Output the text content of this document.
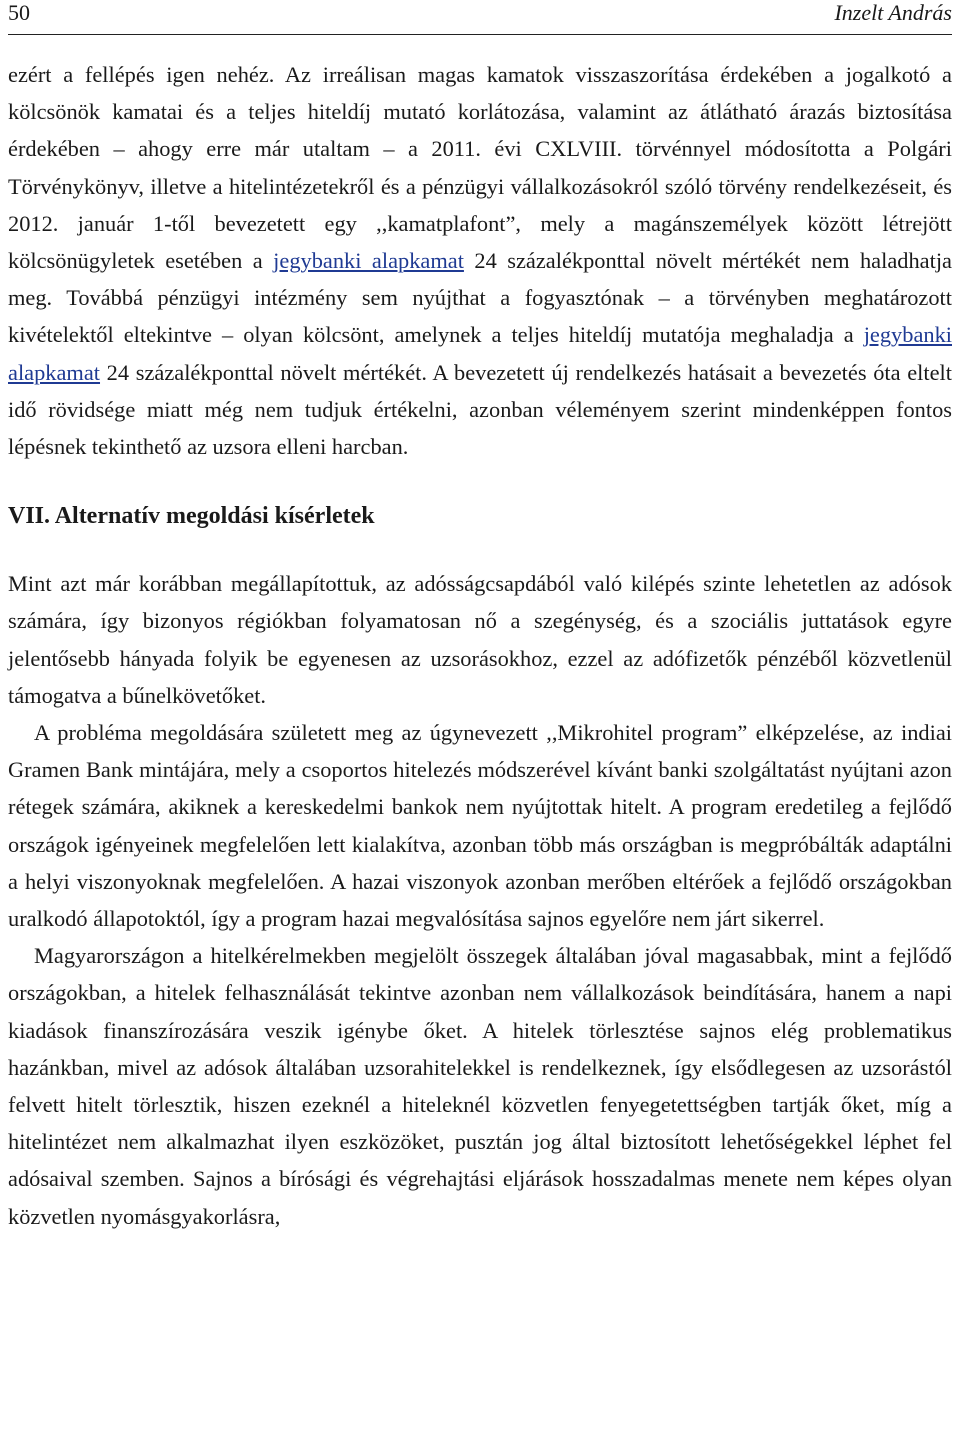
50	Inzelt András

ezért a fellépés igen nehéz. Az irreálisan magas kamatok visszaszorítása érdekében a jogalkotó a kölcsönök kamatai és a teljes hiteldíj mutató korlátozása, valamint az átlátható árazás biztosítása érdekében – ahogy erre már utaltam – a 2011. évi CXLVIII. törvénnyel módosította a Polgári Törvénykönyv, illetve a hitelintézetekről és a pénzügyi vállalkozásokról szóló törvény rendelkezéseit, és 2012. január 1-től bevezetett egy ,,kamatplafont”, mely a magánszemélyek között létrejött kölcsönügyletek esetében a jegybanki alapkamat 24 százalékponttal növelt mértékét nem haladhatja meg. Továbbá pénzügyi intézmény sem nyújthat a fogyasztónak – a törvényben meghatározott kivételektől eltekintve – olyan kölcsönt, amelynek a teljes hiteldíj mutatója meghaladja a jegybanki alapkamat 24 százalékponttal növelt mértékét. A bevezetett új rendelkezés hatásait a bevezetés óta eltelt idő rövidsége miatt még nem tudjuk értékelni, azonban véleményem szerint mindenképpen fontos lépésnek tekinthető az uzsora elleni harcban.

VII. Alternatív megoldási kísérletek

Mint azt már korábban megállapítottuk, az adósságcsapdából való kilépés szinte lehetetlen az adósok számára, így bizonyos régiókban folyamatosan nő a szegénység, és a szociális juttatások egyre jelentősebb hányada folyik be egyenesen az uzsorásokhoz, ezzel az adófizetők pénzéből közvetlenül támogatva a bűnelkövetőket.

A probléma megoldására született meg az úgynevezett ,,Mikrohitel program” elképzelése, az indiai Gramen Bank mintájára, mely a csoportos hitelezés módszerével kívánt banki szolgáltatást nyújtani azon rétegek számára, akiknek a kereskedelmi bankok nem nyújtottak hitelt. A program eredetileg a fejlődő országok igényeinek megfelelően lett kialakítva, azonban több más országban is megpróbálták adaptálni a helyi viszonyoknak megfelelően. A hazai viszonyok azonban merőben eltérőek a fejlődő országokban uralkodó állapotoktól, így a program hazai megvalósítása sajnos egyelőre nem járt sikerrel.

Magyarországon a hitelkérelmekben megjelölt összegek általában jóval magasabbak, mint a fejlődő országokban, a hitelek felhasználását tekintve azonban nem vállalkozások beindítására, hanem a napi kiadások finanszírozására veszik igénybe őket. A hitelek törlesztése sajnos elég problematikus hazánkban, mivel az adósok általában uzsorahitelekkel is rendelkeznek, így elsődlegesen az uzsorástól felvett hitelt törlesztik, hiszen ezeknél a hiteleknél közvetlen fenyegetettségben tartják őket, míg a hitelintézet nem alkalmazhat ilyen eszközöket, pusztán jog által biztosított lehetőségekkel léphet fel adósaival szemben. Sajnos a bírósági és végrehajtási eljárások hosszadalmas menete nem képes olyan közvetlen nyomásgyakorlásra,
